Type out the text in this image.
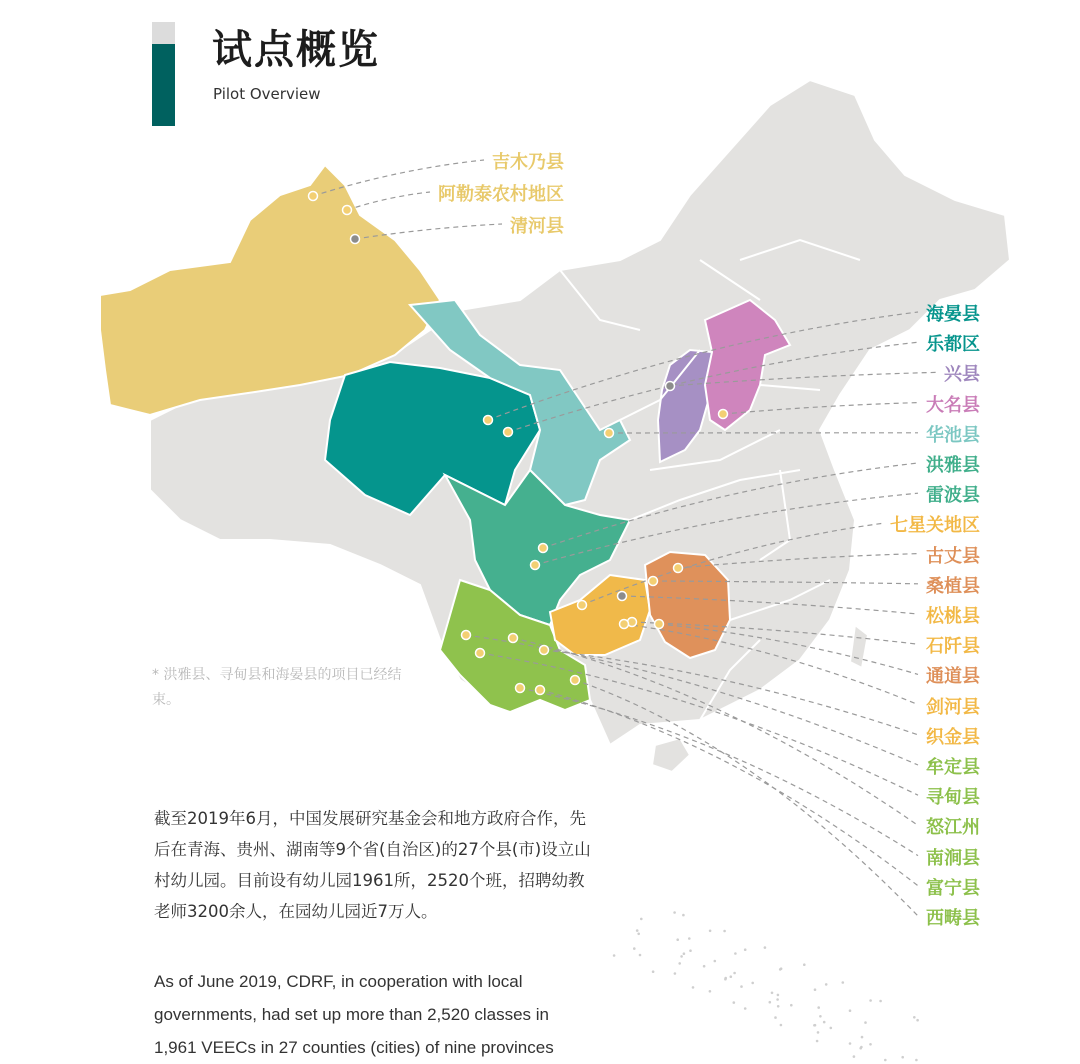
试点概览
Pilot Overview
吉木乃县
阿勒泰农村地区
清河县
海晏县
乐都区
兴县
大名县
华池县
洪雅县
雷波县
七星关地区
古丈县
桑植县
松桃县
石阡县
通道县
剑河县
织金县
牟定县
寻甸县
怒江州
南涧县
富宁县
西畴县
* 洪雅县、寻甸县和海晏县的项目已经结束。
截至2019年6月，中国发展研究基金会和地方政府合作，先后在青海、贵州、湖南等9个省(自治区)的27个县(市)设立山村幼儿园。目前设有幼儿园1961所，2520个班，招聘幼教老师3200余人，在园幼儿园近7万人。
As of June 2019, CDRF, in cooperation with local governments, had set up more than 2,520 classes in 1,961 VEECs in 27 counties (cities) of nine provinces
